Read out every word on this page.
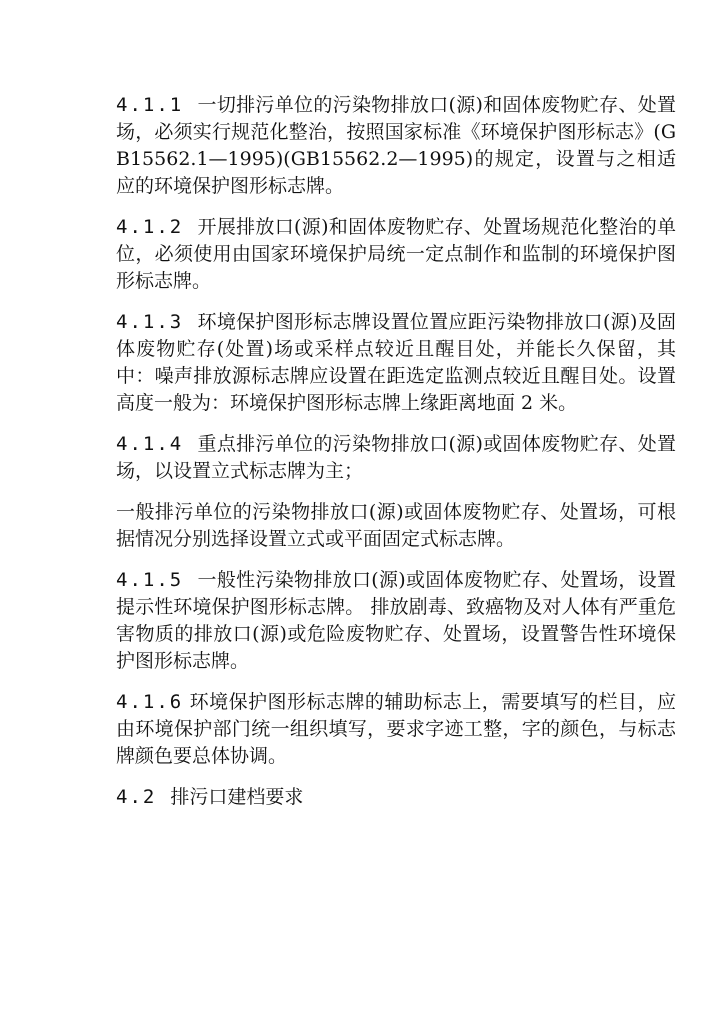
4.1.1 一切排污单位的污染物排放口(源)和固体废物贮存、处置场，必须实行规范化整治，按照国家标准《环境保护图形标志》(GB15562.1—1995)(GB15562.2—1995)的规定，设置与之相适应的环境保护图形标志牌。

4.1.2 开展排放口(源)和固体废物贮存、处置场规范化整治的单位，必须使用由国家环境保护局统一定点制作和监制的环境保护图形标志牌。

4.1.3 环境保护图形标志牌设置位置应距污染物排放口(源)及固体废物贮存(处置)场或采样点较近且醒目处，并能长久保留，其中：噪声排放源标志牌应设置在距选定监测点较近且醒目处。设置高度一般为：环境保护图形标志牌上缘距离地面 2 米。

4.1.4 重点排污单位的污染物排放口(源)或固体废物贮存、处置场，以设置立式标志牌为主；

一般排污单位的污染物排放口(源)或固体废物贮存、处置场，可根据情况分别选择设置立式或平面固定式标志牌。

4.1.5 一般性污染物排放口(源)或固体废物贮存、处置场，设置提示性环境保护图形标志牌。 排放剧毒、致癌物及对人体有严重危害物质的排放口(源)或危险废物贮存、处置场，设置警告性环境保护图形标志牌。

4.1.6 环境保护图形标志牌的辅助标志上，需要填写的栏目，应由环境保护部门统一组织填写，要求字迹工整，字的颜色，与标志牌颜色要总体协调。

4.2 排污口建档要求
